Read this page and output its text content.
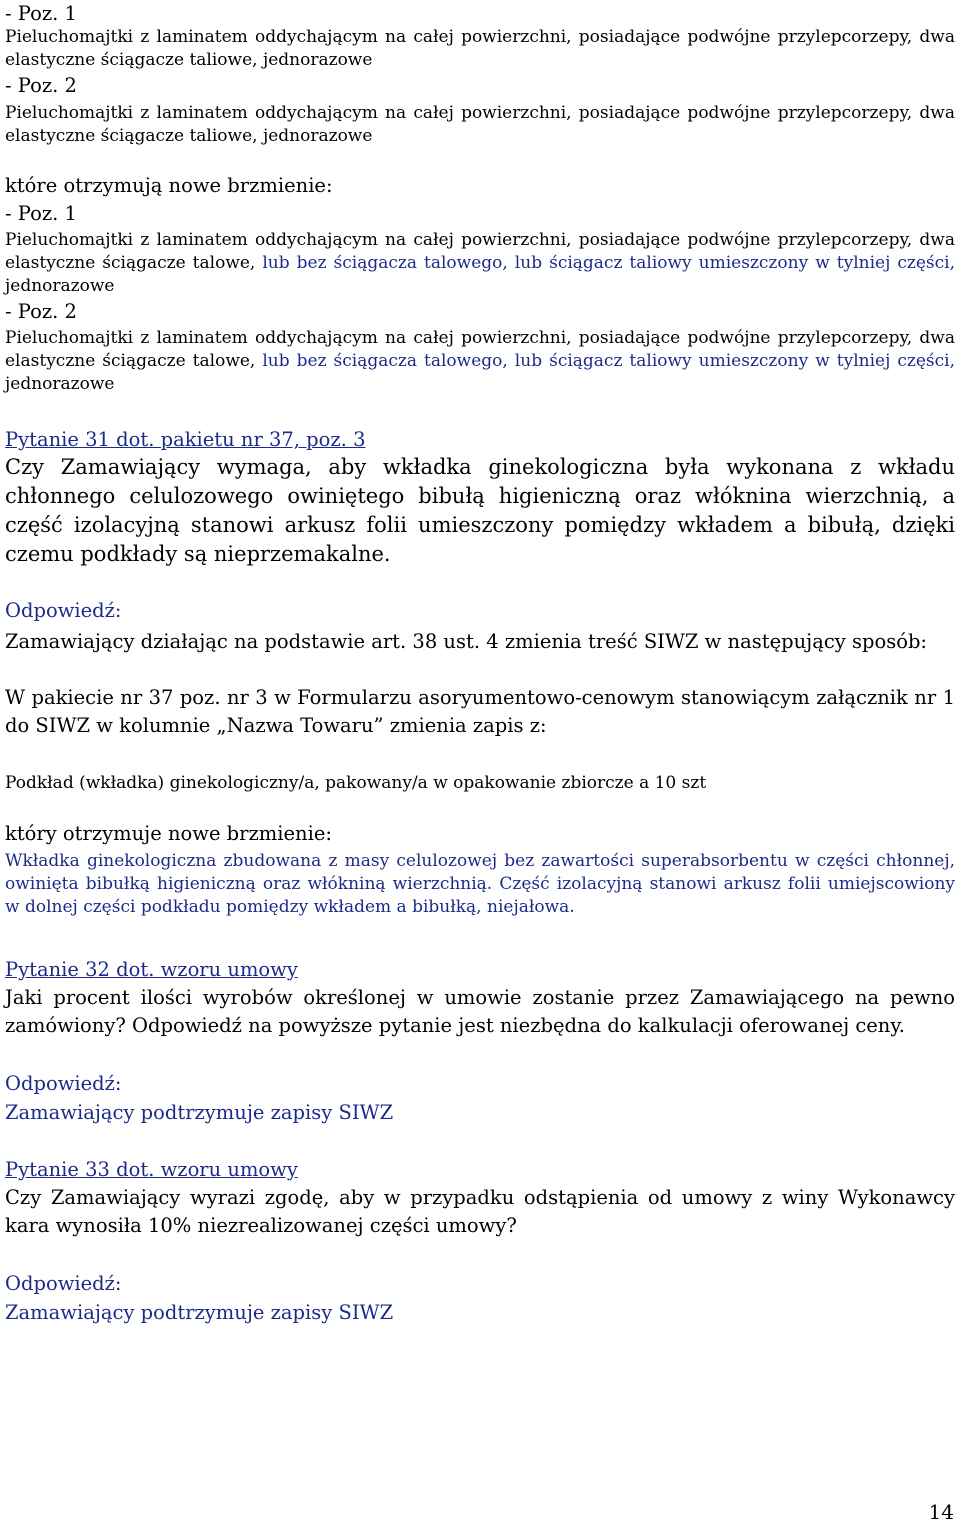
- Poz. 1
Pieluchomajtki z laminatem oddychającym na całej powierzchni, posiadające podwójne przylepcorzepy, dwa elastyczne ściągacze taliowe, jednorazowe
- Poz. 2
Pieluchomajtki z laminatem oddychającym na całej powierzchni, posiadające podwójne przylepcorzepy, dwa elastyczne ściągacze taliowe, jednorazowe
które otrzymują nowe brzmienie:
- Poz. 1
Pieluchomajtki z laminatem oddychającym na całej powierzchni, posiadające podwójne przylepcorzepy, dwa elastyczne ściągacze talowe, lub bez ściągacza talowego, lub ściągacz taliowy umieszczony w tylniej części, jednorazowe
- Poz. 2
Pieluchomajtki z laminatem oddychającym na całej powierzchni, posiadające podwójne przylepcorzepy, dwa elastyczne ściągacze talowe, lub bez ściągacza talowego, lub ściągacz taliowy umieszczony w tylniej części, jednorazowe
Pytanie 31 dot. pakietu nr 37, poz. 3
Czy Zamawiający wymaga, aby wkładka ginekologiczna była wykonana z wkładu chłonnego celulozowego owiniętego bibułą higieniczną oraz włóknina wierzchnią, a część izolacyjną stanowi arkusz folii umieszczony pomiędzy wkładem a bibułą, dzięki czemu podkłady są nieprzemakalne.
Odpowiedź:
Zamawiający działając na podstawie art. 38 ust. 4 zmienia treść SIWZ w następujący sposób:
W pakiecie nr 37 poz. nr 3 w Formularzu asoryumentowo-cenowym stanowiącym załącznik nr 1 do SIWZ w kolumnie „Nazwa Towaru” zmienia zapis z:
Podkład (wkładka) ginekologiczny/a, pakowany/a w opakowanie zbiorcze a 10 szt
który otrzymuje nowe brzmienie:
Wkładka ginekologiczna zbudowana z masy celulozowej bez zawartości superabsorbentu w części chłonnej, owinięta bibułką higieniczną oraz włókniną wierzchnią. Część izolacyjną stanowi arkusz folii umiejscowiony w dolnej części podkładu pomiędzy wkładem a bibułką, niejałowa.
Pytanie 32 dot. wzoru umowy
Jaki procent ilości wyrobów określonej w umowie zostanie przez Zamawiającego na pewno zamówiony? Odpowiedź na powyższe pytanie jest niezbędna do kalkulacji oferowanej ceny.
Odpowiedź:
Zamawiający podtrzymuje zapisy SIWZ
Pytanie 33 dot. wzoru umowy
Czy Zamawiający wyrazi zgodę, aby w przypadku odstąpienia od umowy z winy Wykonawcy kara wynosiła 10% niezrealizowanej części umowy?
Odpowiedź:
Zamawiający podtrzymuje zapisy SIWZ
14
